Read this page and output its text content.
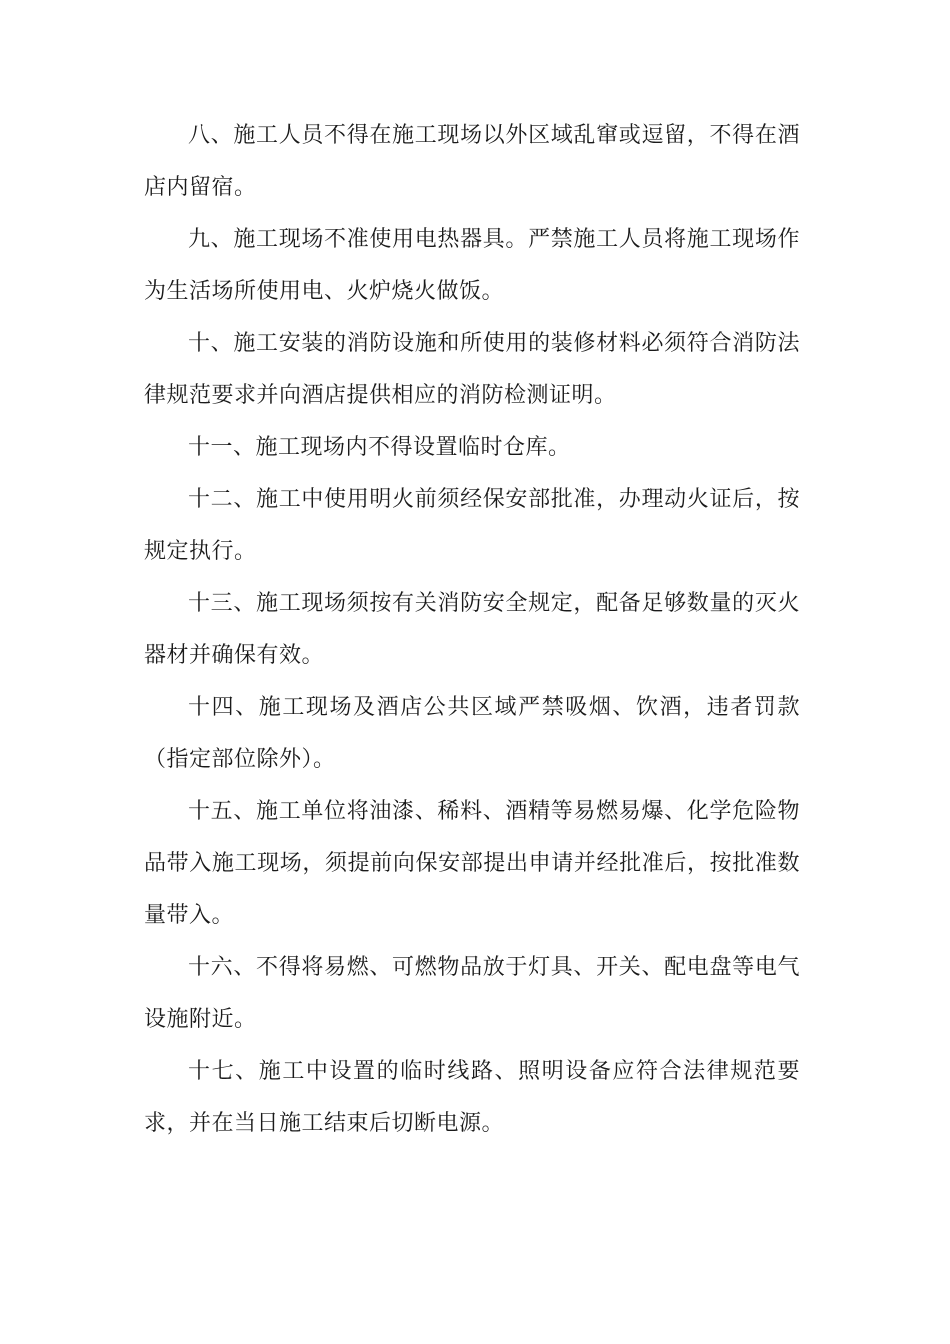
八、施工人员不得在施工现场以外区域乱窜或逗留，不得在酒店内留宿。

九、施工现场不准使用电热器具。严禁施工人员将施工现场作为生活场所使用电、火炉烧火做饭。

十、施工安装的消防设施和所使用的装修材料必须符合消防法律规范要求并向酒店提供相应的消防检测证明。

十一、施工现场内不得设置临时仓库。

十二、施工中使用明火前须经保安部批准，办理动火证后，按规定执行。

十三、施工现场须按有关消防安全规定，配备足够数量的灭火器材并确保有效。

十四、施工现场及酒店公共区域严禁吸烟、饮酒，违者罚款（指定部位除外）。

十五、施工单位将油漆、稀料、酒精等易燃易爆、化学危险物品带入施工现场，须提前向保安部提出申请并经批准后，按批准数量带入。

十六、不得将易燃、可燃物品放于灯具、开关、配电盘等电气设施附近。

十七、施工中设置的临时线路、照明设备应符合法律规范要求，并在当日施工结束后切断电源。
